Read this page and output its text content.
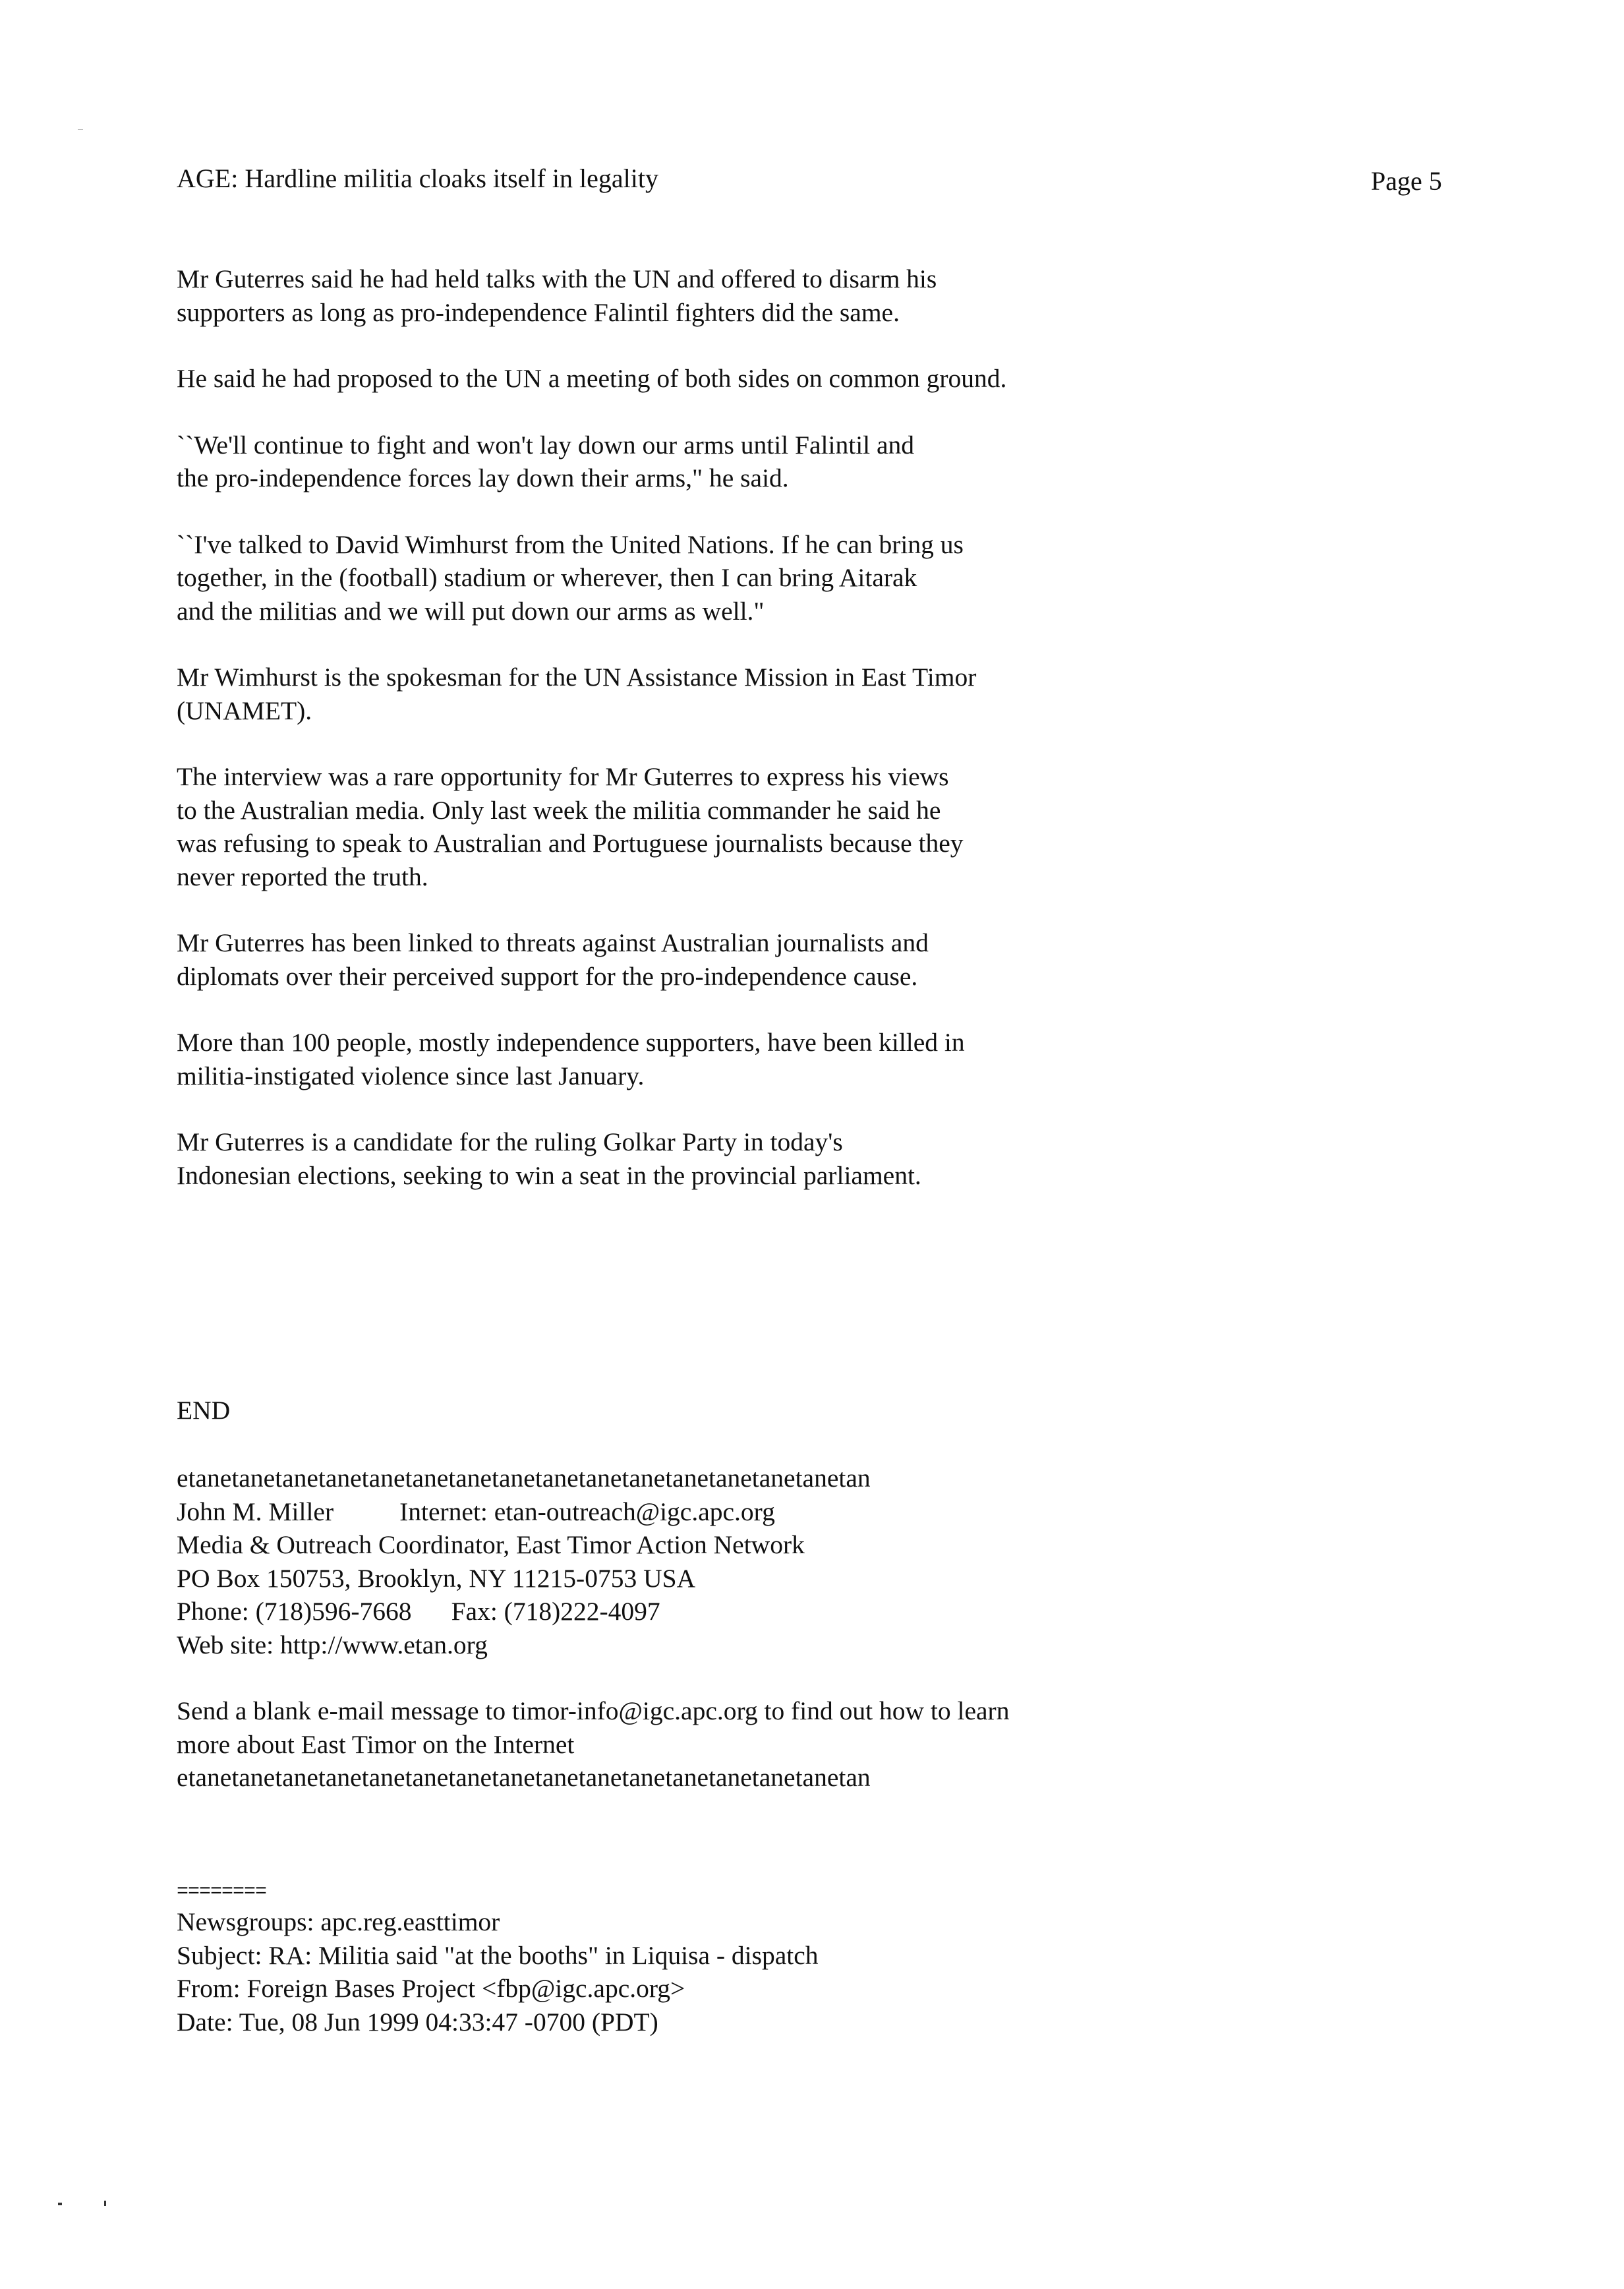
AGE: Hardline militia cloaks itself in legality	Page 5
Mr Guterres said he had held talks with the UN and offered to disarm his
supporters as long as pro-independence Falintil fighters did the same.
He said he had proposed to the UN a meeting of both sides on common ground.
``We'll continue to fight and won't lay down our arms until Falintil and
the pro-independence forces lay down their arms," he said.
``I've talked to David Wimhurst from the United Nations. If he can bring us
together, in the (football) stadium or wherever, then I can bring Aitarak
and the militias and we will put down our arms as well."
Mr Wimhurst is the spokesman for the UN Assistance Mission in East Timor
(UNAMET).
The interview was a rare opportunity for Mr Guterres to express his views
to the Australian media. Only last week the militia commander he said he
was refusing to speak to Australian and Portuguese journalists because they
never reported the truth.
Mr Guterres has been linked to threats against Australian journalists and
diplomats over their perceived support for the pro-independence cause.
More than 100 people, mostly independence supporters, have been killed in
militia-instigated violence since last January.
Mr Guterres is a candidate for the ruling Golkar Party in today's
Indonesian elections, seeking to win a seat in the provincial parliament.
END
etanetanetanetanetanetanetanetanetanetanetanetanetanetanetanetan
John M. Miller	Internet: etan-outreach@igc.apc.org
Media & Outreach Coordinator, East Timor Action Network
PO Box 150753, Brooklyn, NY 11215-0753 USA
Phone: (718)596-7668 Fax: (718)222-4097
Web site: http://www.etan.org
Send a blank e-mail message to timor-info@igc.apc.org to find out how to learn
more about East Timor on the Internet
etanetanetanetanetanetanetanetanetanetanetanetanetanetanetanetan
========
Newsgroups: apc.reg.easttimor
Subject: RA: Militia said "at the booths" in Liquisa - dispatch
From: Foreign Bases Project <fbp@igc.apc.org>
Date: Tue, 08 Jun 1999 04:33:47 -0700 (PDT)
